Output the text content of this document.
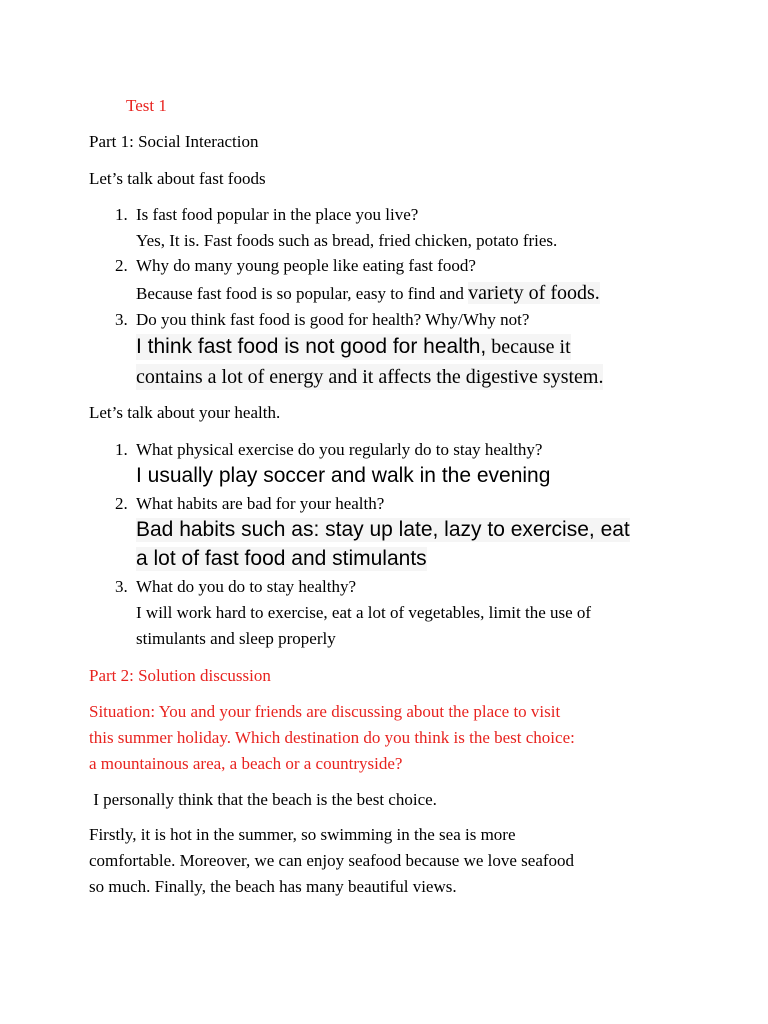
Test 1
Part 1: Social Interaction
Let’s talk about fast foods
1. Is fast food popular in the place you live?
Yes, It is. Fast foods such as bread, fried chicken, potato fries.
2. Why do many young people like eating fast food?
Because fast food is so popular, easy to find and variety of foods.
3. Do you think fast food is good for health? Why/Why not?
I think fast food is not good for health, because it
contains a lot of energy and it affects the digestive system.
Let’s talk about your health.
1. What physical exercise do you regularly do to stay healthy?
I usually play soccer and walk in the evening
2. What habits are bad for your health?
Bad habits such as: stay up late, lazy to exercise, eat
a lot of fast food and stimulants
3. What do you do to stay healthy?
I will work hard to exercise, eat a lot of vegetables, limit the use of
stimulants and sleep properly
Part 2: Solution discussion
Situation: You and your friends are discussing about the place to visit
this summer holiday. Which destination do you think is the best choice:
a mountainous area, a beach or a countryside?
I personally think that the beach is the best choice.
Firstly, it is hot in the summer, so swimming in the sea is more
comfortable. Moreover, we can enjoy seafood because we love seafood
so much. Finally, the beach has many beautiful views.
